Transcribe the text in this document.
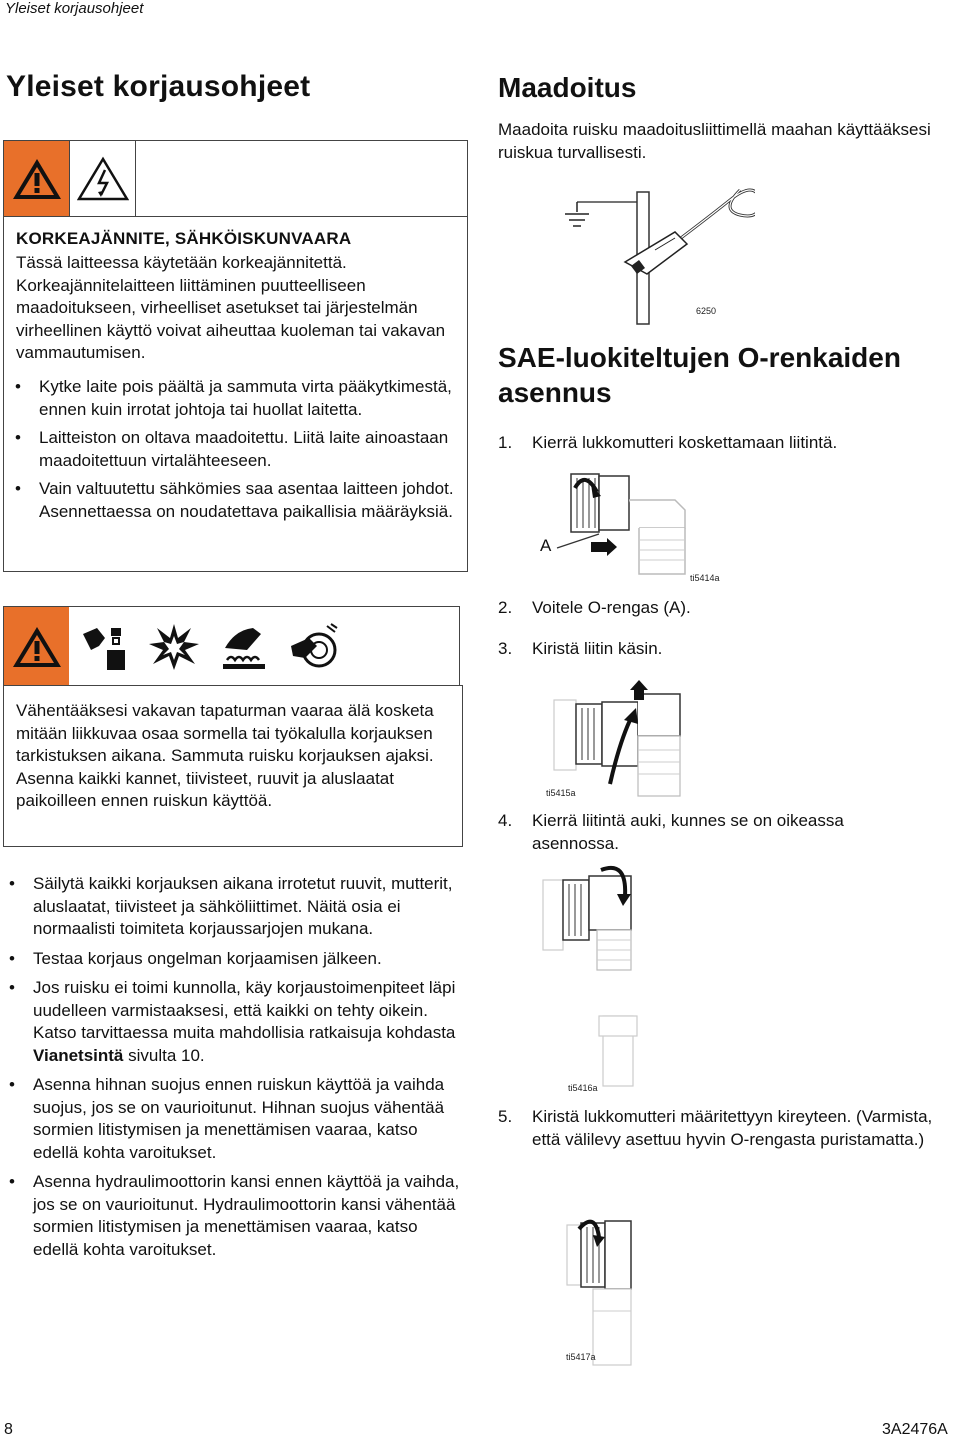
Yleiset korjausohjeet
Yleiset korjausohjeet
KORKEAJÄNNITE, SÄHKÖISKUNVAARA
Tässä laitteessa käytetään korkeajännitettä. Korkeajännitelaitteen liittäminen puutteelliseen maadoitukseen, virheelliset asetukset tai järjestelmän virheellinen käyttö voivat aiheuttaa kuoleman tai vakavan vammautumisen.
• Kytke laite pois päältä ja sammuta virta pääkytkimestä, ennen kuin irrotat johtoja tai huollat laitetta.
• Laitteiston on oltava maadoitettu. Liitä laite ainoastaan maadoitettuun virtalähteeseen.
• Vain valtuutettu sähkömies saa asentaa laitteen johdot. Asennettaessa on noudatettava paikallisia määräyksiä.
Vähentääksesi vakavan tapaturman vaaraa älä kosketa mitään liikkuvaa osaa sormella tai työkalulla korjauksen tarkistuksen aikana. Sammuta ruisku korjauksen ajaksi. Asenna kaikki kannet, tiivisteet, ruuvit ja aluslaatat paikoilleen ennen ruiskun käyttöä.
• Säilytä kaikki korjauksen aikana irrotetut ruuvit, mutterit, aluslaatat, tiivisteet ja sähköliittimet. Näitä osia ei normaalisti toimiteta korjaussarjojen mukana.
• Testaa korjaus ongelman korjaamisen jälkeen.
• Jos ruisku ei toimi kunnolla, käy korjaustoimenpiteet läpi uudelleen varmistaaksesi, että kaikki on tehty oikein. Katso tarvittaessa muita mahdollisia ratkaisuja kohdasta Vianetsintä sivulta 10.
• Asenna hihnan suojus ennen ruiskun käyttöä ja vaihda suojus, jos se on vaurioitunut. Hihnan suojus vähentää sormien litistymisen ja menettämisen vaaraa, katso edellä kohta varoitukset.
• Asenna hydraulimoottorin kansi ennen käyttöä ja vaihda, jos se on vaurioitunut. Hydraulimoottorin kansi vähentää sormien litistymisen ja menettämisen vaaraa, katso edellä kohta varoitukset.
Maadoitus
Maadoita ruisku maadoitusliittimellä maahan käyttääksesi ruiskua turvallisesti.
6250
SAE-luokiteltujen O-renkaiden asennus
1. Kierrä lukkomutteri koskettamaan liitintä.
A
ti5414a
2. Voitele O-rengas (A).
3. Kiristä liitin käsin.
ti5415a
4. Kierrä liitintä auki, kunnes se on oikeassa asennossa.
ti5416a
5. Kiristä lukkomutteri määritettyyn kireyteen. (Varmista, että välilevy asettuu hyvin O-rengasta puristamatta.)
ti5417a
8	3A2476A
